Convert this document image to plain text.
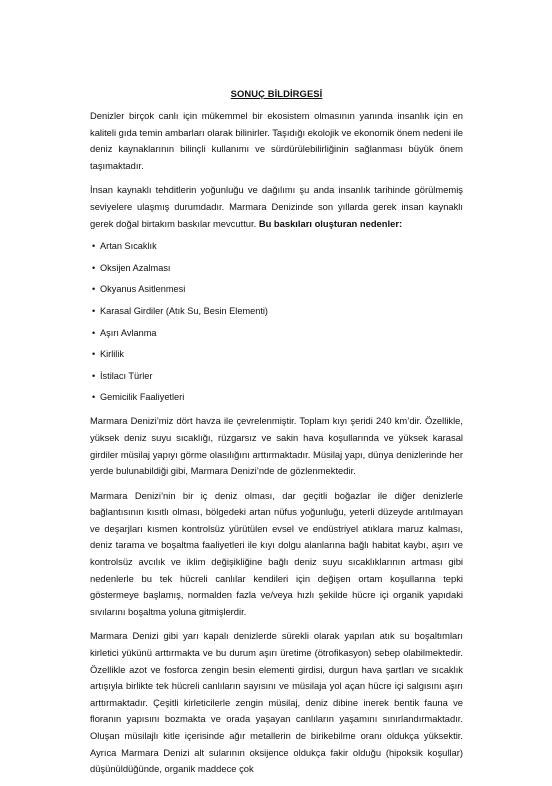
SONUÇ BİLDİRGESİ

Denizler birçok canlı için mükemmel bir ekosistem olmasının yanında insanlık için en kaliteli gıda temin ambarları olarak bilinirler. Taşıdığı ekolojik ve ekonomik önem nedeni ile deniz kaynaklarının bilinçli kullanımı ve sürdürülebilirliğinin sağlanması büyük önem taşımaktadır.

İnsan kaynaklı tehditlerin yoğunluğu ve dağılımı şu anda insanlık tarihinde görülmemiş seviyelere ulaşmış durumdadır. Marmara Denizinde son yıllarda gerek insan kaynaklı gerek doğal birtakım baskılar mevcuttur. Bu baskıları oluşturan nedenler:

• Artan Sıcaklık
• Oksijen Azalması
• Okyanus Asitlenmesi
• Karasal Girdiler (Atık Su, Besin Elementi)
• Aşırı Avlanma
• Kirlilik
• İstilacı Türler
• Gemicilik Faaliyetleri

Marmara Denizi’miz dört havza ile çevrelenmiştir. Toplam kıyı şeridi 240 km’dir. Özellikle, yüksek deniz suyu sıcaklığı, rüzgarsız ve sakin hava koşullarında ve yüksek karasal girdiler müsilaj yapıyı görme olasılığını arttırmaktadır. Müsilaj yapı, dünya denizlerinde her yerde bulunabildiği gibi, Marmara Denizi’nde de gözlenmektedir.

Marmara Denizi’nin bir iç deniz olması, dar geçitli boğazlar ile diğer denizlerle bağlantısının kısıtlı olması, bölgedeki artan nüfus yoğunluğu, yeterli düzeyde arıtılmayan ve deşarjları kısmen kontrolsüz yürütülen evsel ve endüstriyel atıklara maruz kalması, deniz tarama ve boşaltma faaliyetleri ile kıyı dolgu alanlarına bağlı habitat kaybı, aşırı ve kontrolsüz avcılık ve iklim değişikliğine bağlı deniz suyu sıcaklıklarının artması gibi nedenlerle bu tek hücreli canlılar kendileri için değişen ortam koşullarına tepki göstermeye başlamış, normalden fazla ve/veya hızlı şekilde hücre içi organik yapıdaki sıvılarını boşaltma yoluna gitmişlerdir.

Marmara Denizi gibi yarı kapalı denizlerde sürekli olarak yapılan atık su boşaltımları kirletici yükünü arttırmakta ve bu durum aşırı üretime (ötrofikasyon) sebep olabilmektedir. Özellikle azot ve fosforca zengin besin elementi girdisi, durgun hava şartları ve sıcaklık artışıyla birlikte tek hücreli canlıların sayısını ve müsilaja yol açan hücre içi salgısını aşırı arttırmaktadır. Çeşitli kirleticilerle zengin müsilaj, deniz dibine inerek bentik fauna ve floranın yapısını bozmakta ve orada yaşayan canlıların yaşamını sınırlandırmaktadır. Oluşan müsilajlı kitle içerisinde ağır metallerin de birikebilme oranı oldukça yüksektir. Ayrıca Marmara Denizi alt sularının oksijence oldukça fakir olduğu (hipoksik koşullar) düşünüldüğünde, organik maddece çok
